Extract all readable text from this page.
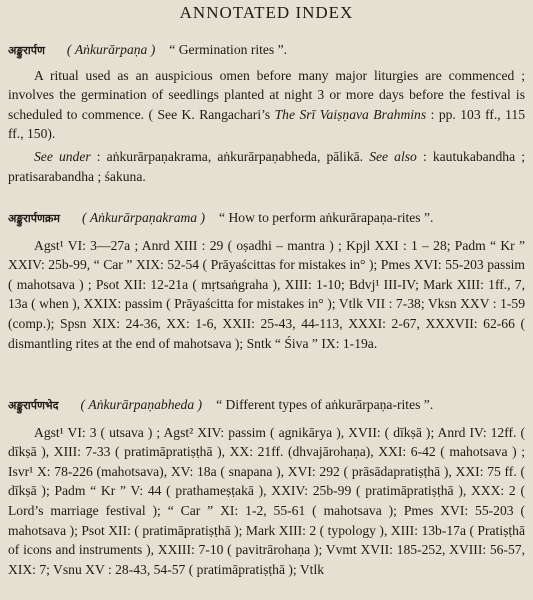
ANNOTATED INDEX
अङ्कुरार्पण ( Aṅkurārpaṇa ) “ Germination rites ”.

A ritual used as an auspicious omen before many major liturgies are commenced ; involves the germination of seedlings planted at night 3 or more days before the festival is scheduled to commence. ( See K. Rangachari’s The Srī Vaiṣṇava Brahmins : pp. 103 ff., 115 ff., 150).

See under : aṅkurārpaṇakrama, aṅkurārpaṇabheda, pālikā. See also : kautukabandha ; pratisarabandha ; śakuna.

अङ्कुरार्पणक्रम ( Aṅkurārpaṇakrama ) “ How to perform aṅkurārapaṇa-rites ”.

Agst¹ VI: 3—27a ; Anrd XIII : 29 ( oṣadhi – mantra ) ; Kpjl XXI : 1 – 28; Padm “ Kr ” XXIV: 25b-99, “ Car ” XIX: 52-54 ( Prāyaścittas for mistakes in° ); Pmes XVI: 55-203 passim ( mahotsava ) ; Psot XII: 12-21a ( mṛtsaṅgraha ), XIII: 1-10; Bdvj¹ III-IV; Mark XIII: 1ff., 7, 13a ( when ), XXIX: passim ( Prāyaścitta for mistakes in° ); Vtlk VII : 7-38; Vksn XXV : 1-59 (comp.); Spsn XIX: 24-36, XX: 1-6, XXII: 25-43, 44-113, XXXI: 2-67, XXXVII: 62-66 ( dismantling rites at the end of mahotsava ); Sntk “ Śiva ” IX: 1-19a.

अङ्कुरार्पणभेद ( Aṅkurārpaṇabheda ) “ Different types of aṅkurārpaṇa-rites ”.

Agst¹ VI: 3 ( utsava ) ; Agst² XIV: passim ( agnikārya ), XVII: ( dīkṣā ); Anrd IV: 12ff. ( dīkṣā ), XIII: 7-33 ( pratimāpratiṣṭhā ), XX: 21ff. (dhvajārohaṇa), XXI: 6-42 ( mahotsava ) ; Isvr¹ X: 78-226 (mahotsava), XV: 18a ( snapana ), XVI: 292 ( prāsādapratiṣṭhā ), XXI: 75 ff. ( dīkṣā ); Padm “ Kr ” V: 44 ( prathameṣṭakā ), XXIV: 25b-99 ( pratimāpratiṣṭhā ), XXX: 2 ( Lord’s marriage festival ); “ Car ” XI: 1-2, 55-61 ( mahotsava ); Pmes XVI: 55-203 ( mahotsava ); Psot XII: ( pratimāpratiṣṭhā ); Mark XIII: 2 ( typology ), XIII: 13b-17a ( Pratiṣṭhā of icons and instruments ), XXIII: 7-10 ( pavitrārohaṇa ); Vvmt XVII: 185-252, XVIII: 56-57, XIX: 7; Vsnu XV : 28-43, 54-57 ( pratimāpratiṣṭhā ); Vtlk
